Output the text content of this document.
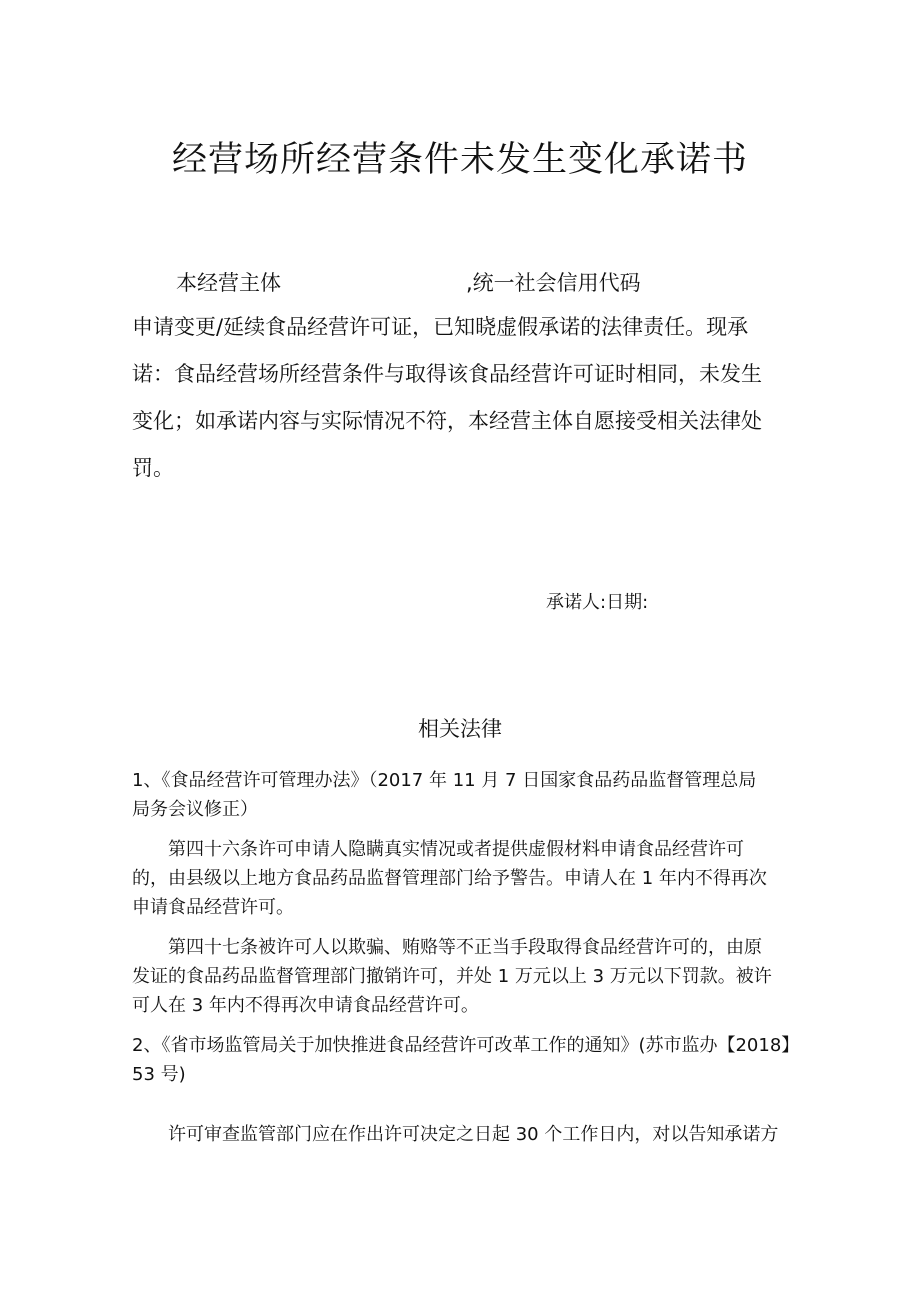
经营场所经营条件未发生变化承诺书
本经营主体	,统一社会信用代码
申请变更/延续食品经营许可证，已知晓虚假承诺的法律责任。现承
诺：食品经营场所经营条件与取得该食品经营许可证时相同，未发生
变化；如承诺内容与实际情况不符，本经营主体自愿接受相关法律处
罚。
承诺人:日期:
相关法律
1、《食品经营许可管理办法》（2017 年 11 月 7 日国家食品药品监督管理总局
局务会议修正）
第四十六条许可申请人隐瞒真实情况或者提供虚假材料申请食品经营许可
的，由县级以上地方食品药品监督管理部门给予警告。申请人在 1 年内不得再次
申请食品经营许可。
第四十七条被许可人以欺骗、贿赂等不正当手段取得食品经营许可的，由原
发证的食品药品监督管理部门撤销许可，并处 1 万元以上 3 万元以下罚款。被许
可人在 3 年内不得再次申请食品经营许可。
2、《省市场监管局关于加快推进食品经营许可改革工作的通知》(苏市监办【2018】
53 号)
许可审查监管部门应在作出许可决定之日起 30 个工作日内，对以告知承诺方
